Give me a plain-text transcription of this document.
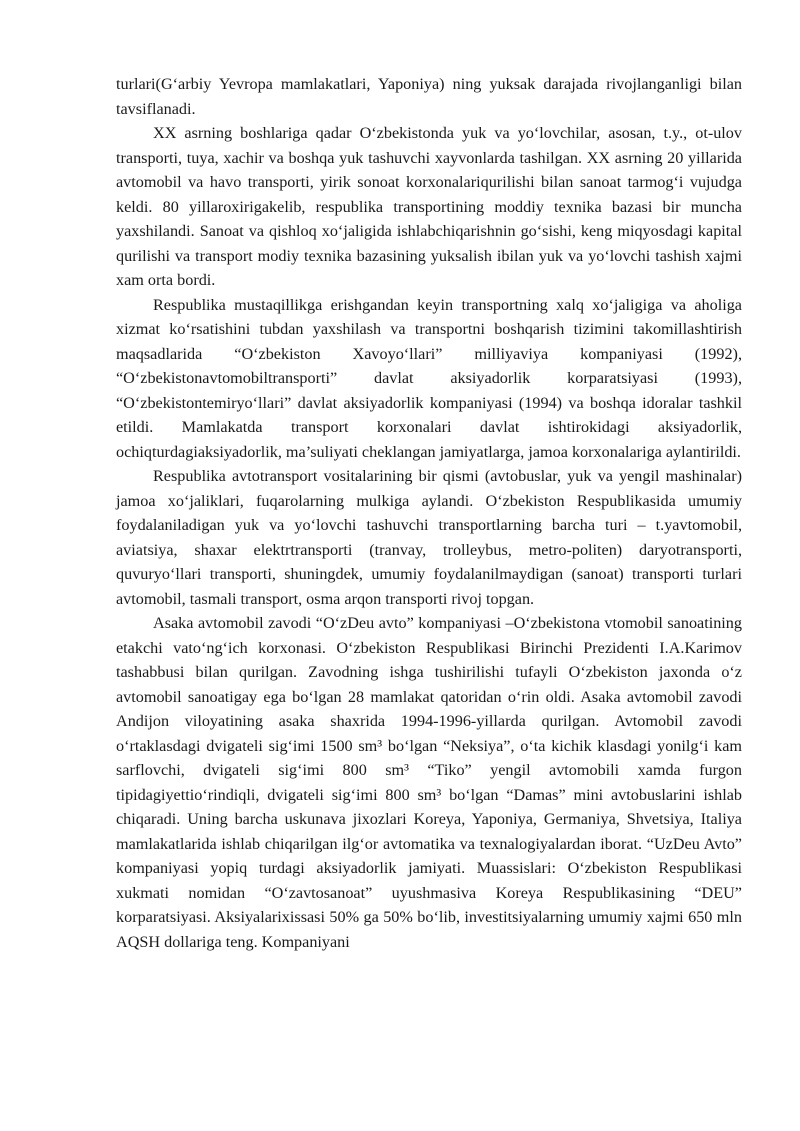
turlari(G‘arbiy Yevropa mamlakatlari, Yaponiya) ning yuksak darajada rivojlanganligi bilan tavsiflanadi.

XX asrning boshlariga qadar O‘zbekistonda yuk va yo‘lovchilar, asosan, t.y., ot-ulov transporti, tuya, xachir va boshqa yuk tashuvchi xayvonlarda tashilgan. XX asrning 20 yillarida avtomobil va havo transporti, yirik sonoat korxonalariqurilishi bilan sanoat tarmog‘i vujudga keldi. 80 yillaroxirigakelib, respublika transportining moddiy texnika bazasi bir muncha yaxshilandi. Sanoat va qishloq xo‘jaligida ishlabchiqarishnin go‘sishi, keng miqyosdagi kapital qurilishi va transport modiy texnika bazasining yuksalish ibilan yuk va yo‘lovchi tashish xajmi xam orta bordi.

Respublika mustaqillikga erishgandan keyin transportning xalq xo‘jaligiga va aholiga xizmat ko‘rsatishini tubdan yaxshilash va transportni boshqarish tizimini takomillashtirish maqsadlarida “O‘zbekiston Xavoyo‘llari” milliyaviya kompaniyasi (1992), “O‘zbekistonavtomobiltransporti” davlat aksiyadorlik korparatsiyasi (1993), “O‘zbekistontemiryo‘llari” davlat aksiyadorlik kompaniyasi (1994) va boshqa idoralar tashkil etildi. Mamlakatda transport korxonalari davlat ishtirokidagi aksiyadorlik, ochiqturdagiaksiyadorlik, ma’suliyati cheklangan jamiyatlarga, jamoa korxonalariga aylantirildi.

Respublika avtotransport vositalarining bir qismi (avtobuslar, yuk va yengil mashinalar) jamoa xo‘jaliklari, fuqarolarning mulkiga aylandi. O‘zbekiston Respublikasida umumiy foydalaniladigan yuk va yo‘lovchi tashuvchi transportlarning barcha turi – t.yavtomobil, aviatsiya, shaxar elektrtransporti (tranvay, trolleybus, metro-politen) daryotransporti, quvuryo‘llari transporti, shuningdek, umumiy foydalanilmaydigan (sanoat) transporti turlari avtomobil, tasmali transport, osma arqon transporti rivoj topgan.

Asaka avtomobil zavodi “O‘zDeu avto” kompaniyasi –O‘zbekistona vtomobil sanoatining etakchi vato‘ng‘ich korxonasi. O‘zbekiston Respublikasi Birinchi Prezidenti I.A.Karimov tashabbusi bilan qurilgan. Zavodning ishga tushirilishi tufayli O‘zbekiston jaxonda o‘z avtomobil sanoatigay ega bo‘lgan 28 mamlakat qatoridan o‘rin oldi. Asaka avtomobil zavodi Andijon viloyatining asaka shaxrida 1994-1996-yillarda qurilgan. Avtomobil zavodi o‘rtaklasdagi dvigateli sig‘imi 1500 sm³ bo‘lgan “Neksiya”, o‘ta kichik klasdagi yonilg‘i kam sarflovchi, dvigateli sig‘imi 800 sm³ “Tiko” yengil avtomobili xamda furgon tipidagiyettio‘rindiqli, dvigateli sig‘imi 800 sm³ bo‘lgan “Damas” mini avtobuslarini ishlab chiqaradi. Uning barcha uskunava jixozlari Koreya, Yaponiya, Germaniya, Shvetsiya, Italiya mamlakatlarida ishlab chiqarilgan ilg‘or avtomatika va texnalogiyalardan iborat. “UzDeu Avto” kompaniyasi yopiq turdagi aksiyadorlik jamiyati. Muassislari: O‘zbekiston Respublikasi xukmati nomidan “O‘zavtosanoat” uyushmasiva Koreya Respublikasining “DEU” korparatsiyasi. Aksiyalarixissasi 50% ga 50% bo‘lib, investitsiyalarning umumiy xajmi 650 mln AQSH dollariga teng. Kompaniyani
